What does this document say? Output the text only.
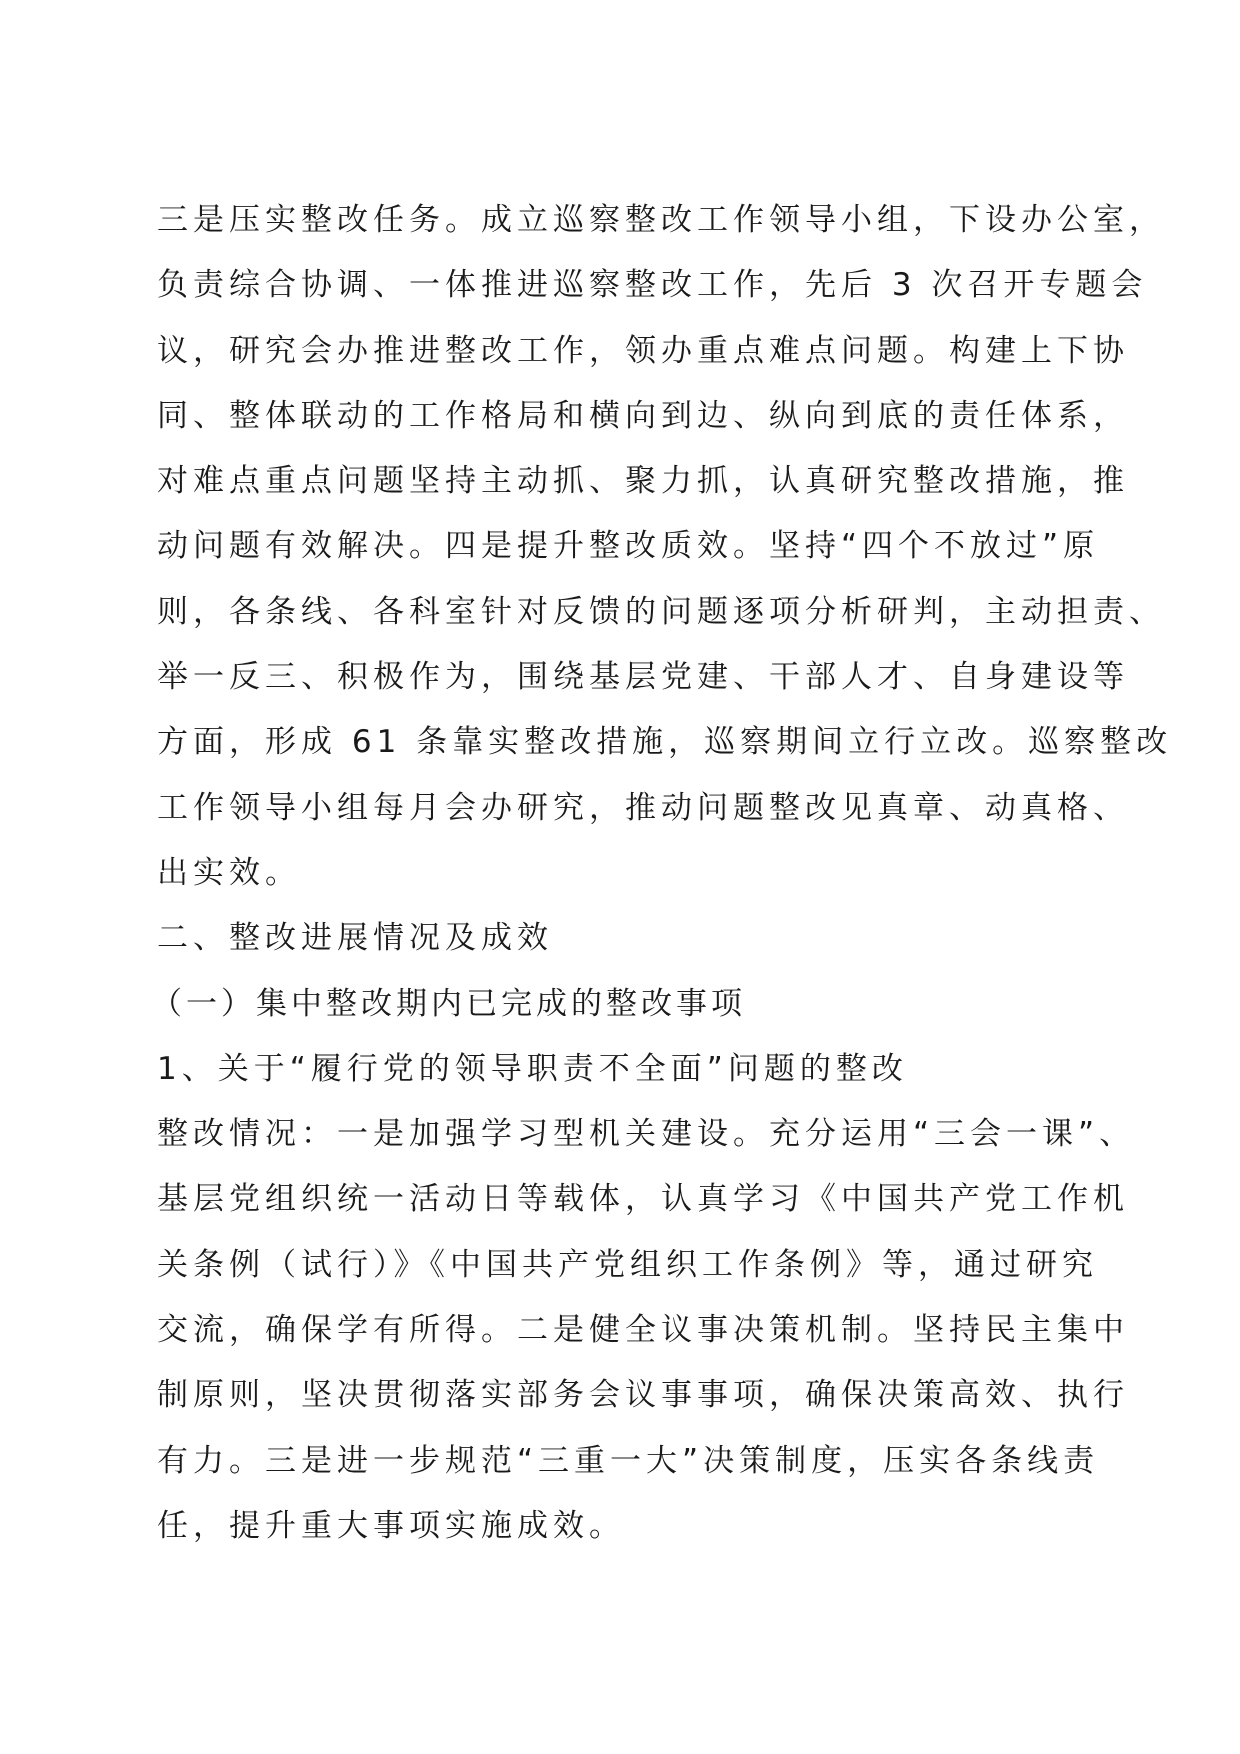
三是压实整改任务。成立巡察整改工作领导小组，下设办公室，
负责综合协调、一体推进巡察整改工作，先后 3 次召开专题会
议，研究会办推进整改工作，领办重点难点问题。构建上下协
同、整体联动的工作格局和横向到边、纵向到底的责任体系，
对难点重点问题坚持主动抓、聚力抓，认真研究整改措施，推
动问题有效解决。四是提升整改质效。坚持“四个不放过”原
则，各条线、各科室针对反馈的问题逐项分析研判，主动担责、
举一反三、积极作为，围绕基层党建、干部人才、自身建设等
方面，形成 61 条靠实整改措施，巡察期间立行立改。巡察整改
工作领导小组每月会办研究，推动问题整改见真章、动真格、
出实效。
二、整改进展情况及成效
（一）集中整改期内已完成的整改事项
1、关于“履行党的领导职责不全面”问题的整改
整改情况：一是加强学习型机关建设。充分运用“三会一课”、
基层党组织统一活动日等载体，认真学习《中国共产党工作机
关条例（试行）》《中国共产党组织工作条例》等，通过研究
交流，确保学有所得。二是健全议事决策机制。坚持民主集中
制原则，坚决贯彻落实部务会议事事项，确保决策高效、执行
有力。三是进一步规范“三重一大”决策制度，压实各条线责
任，提升重大事项实施成效。
